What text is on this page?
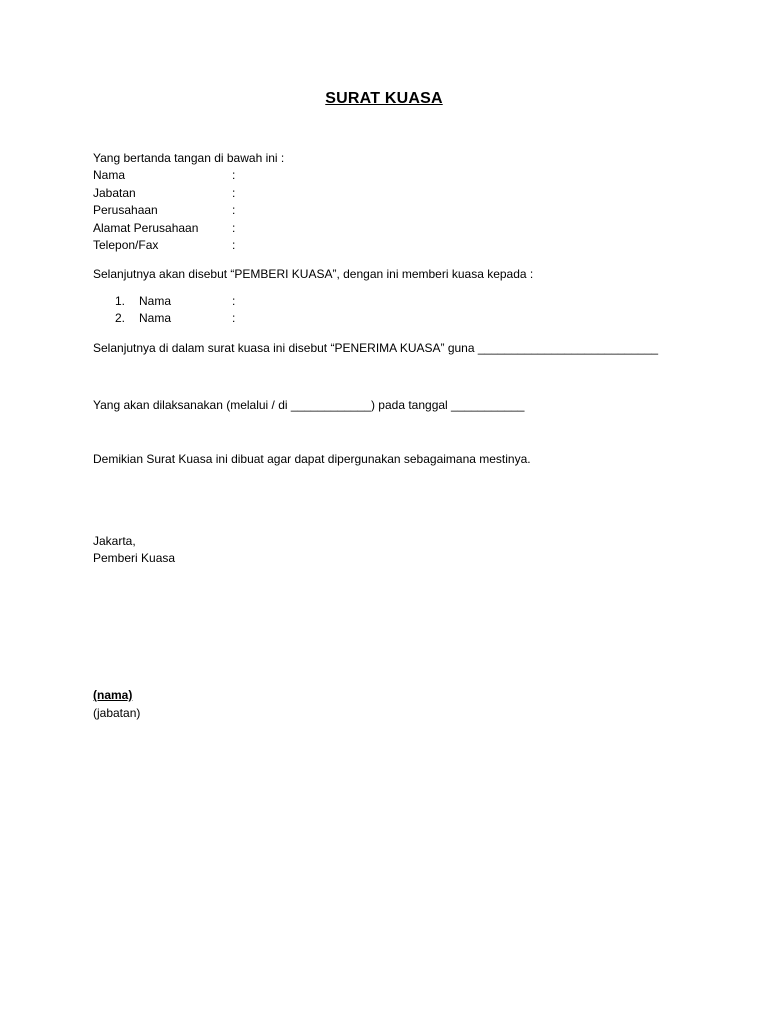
SURAT KUASA
Yang bertanda tangan di bawah ini :
Nama	:
Jabatan	:
Perusahaan	:
Alamat Perusahaan	:
Telepon/Fax	:
Selanjutnya akan disebut “PEMBERI KUASA”, dengan ini memberi kuasa kepada :
1. Nama	:
2. Nama	:
Selanjutnya di dalam surat kuasa ini disebut “PENERIMA KUASA” guna ___________________________
Yang akan dilaksanakan (melalui / di ____________) pada tanggal ___________
Demikian Surat Kuasa ini dibuat agar dapat dipergunakan sebagaimana mestinya.
Jakarta,
Pemberi Kuasa
(nama)
(jabatan)
